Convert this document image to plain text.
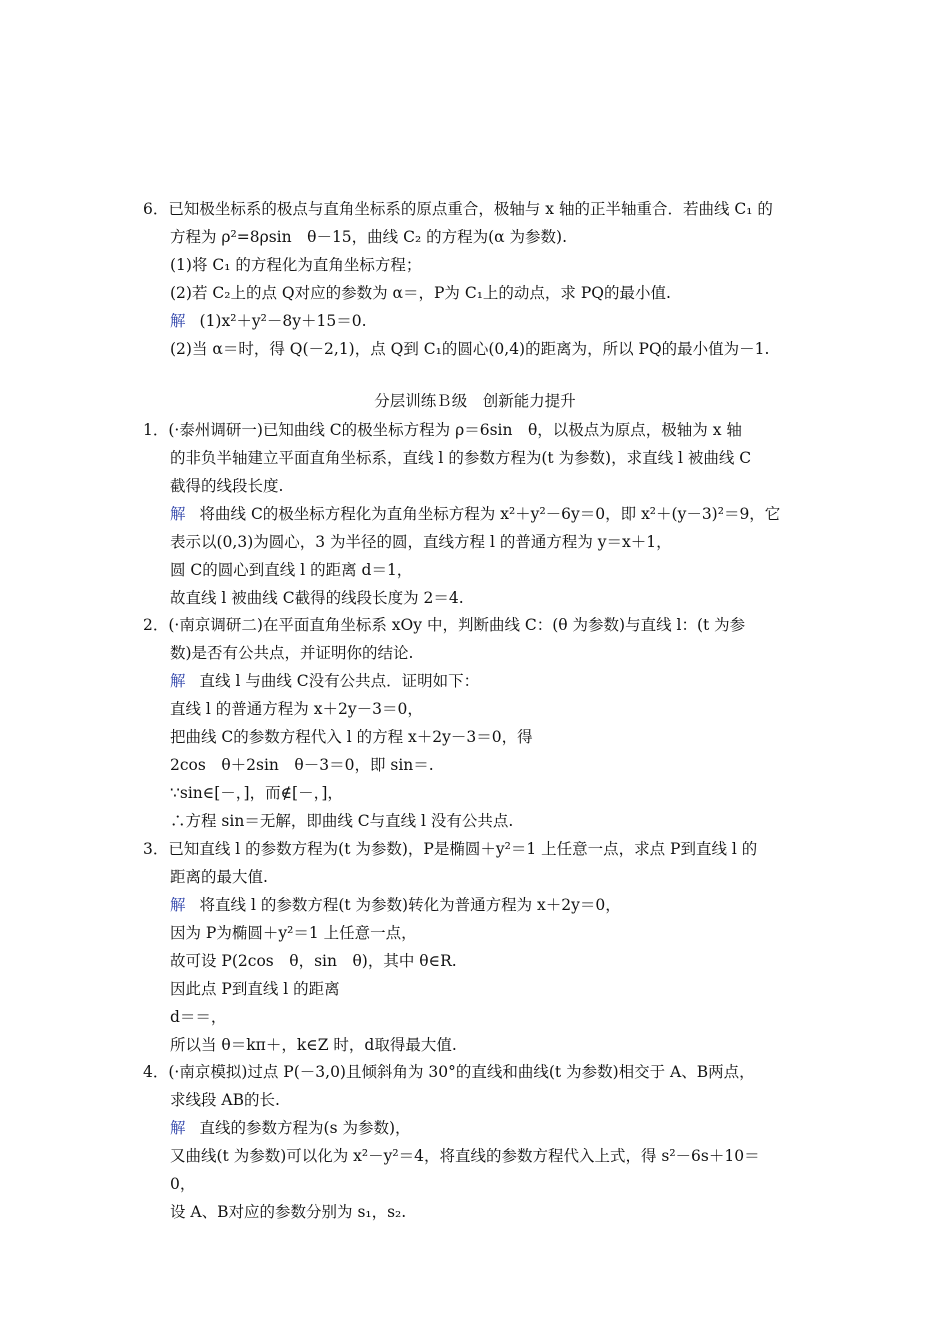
6．已知极坐标系的极点与直角坐标系的原点重合，极轴与 x 轴的正半轴重合．若曲线 C₁ 的
方程为 ρ²=8ρsin　θ－15，曲线 C₂ 的方程为(α 为参数).
(1)将 C₁ 的方程化为直角坐标方程；
(2)若 C₂上的点 Q对应的参数为 α＝，P为 C₁上的动点，求 PQ的最小值.
解 (1)x²＋y²－8y＋15＝0.
(2)当 α＝时，得 Q(－2,1)，点 Q到 C₁的圆心(0,4)的距离为，所以 PQ的最小值为－1.
分层训练Ｂ级　创新能力提升
1．(·泰州调研一)已知曲线 C的极坐标方程为 ρ＝6sin　θ，以极点为原点，极轴为 x 轴
的非负半轴建立平面直角坐标系，直线 l 的参数方程为(t 为参数)，求直线 l 被曲线 C
截得的线段长度.
解 将曲线 C的极坐标方程化为直角坐标方程为 x²＋y²－6y＝0，即 x²＋(y－3)²＝9，它
表示以(0,3)为圆心，3 为半径的圆，直线方程 l 的普通方程为 y＝x＋1，
圆 C的圆心到直线 l 的距离 d＝1，
故直线 l 被曲线 C截得的线段长度为 2＝4.
2．(·南京调研二)在平面直角坐标系 xOy 中，判断曲线 C：(θ 为参数)与直线 l：(t 为参
数)是否有公共点，并证明你的结论.
解 直线 l 与曲线 C没有公共点．证明如下：
直线 l 的普通方程为 x＋2y－3＝0，
把曲线 C的参数方程代入 l 的方程 x＋2y－3＝0，得
2cos　θ＋2sin　θ－3＝0，即 sin＝.
∵sin∈[－，]，而∉[－，]，
∴方程 sin＝无解，即曲线 C与直线 l 没有公共点.
3．已知直线 l 的参数方程为(t 为参数)，P是椭圆＋y²＝1 上任意一点，求点 P到直线 l 的
距离的最大值.
解 将直线 l 的参数方程(t 为参数)转化为普通方程为 x＋2y＝0，
因为 P为椭圆＋y²＝1 上任意一点，
故可设 P(2cos　θ，sin　θ)，其中 θ∈R.
因此点 P到直线 l 的距离
d＝＝，
所以当 θ＝kπ＋，k∈Z 时，d取得最大值.
4．(·南京模拟)过点 P(－3,0)且倾斜角为 30°的直线和曲线(t 为参数)相交于 A、B两点，
求线段 AB的长.
解 直线的参数方程为(s 为参数)，
又曲线(t 为参数)可以化为 x²－y²＝4，将直线的参数方程代入上式，得 s²－6s＋10＝
0，
设 A、B对应的参数分别为 s₁，s₂.
